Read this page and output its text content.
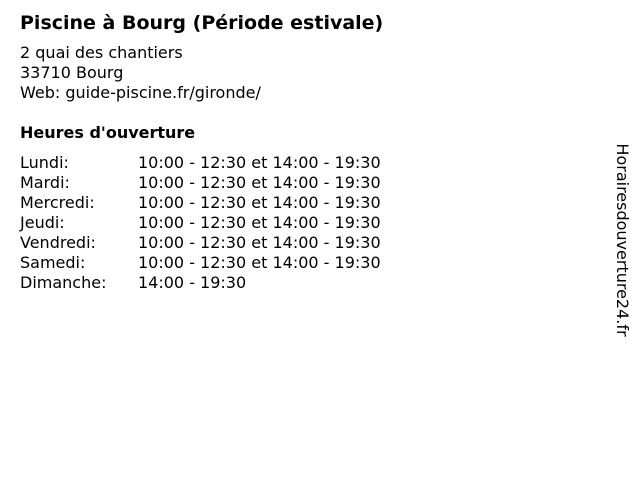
Piscine à Bourg (Période estivale)
2 quai des chantiers
33710 Bourg
Web: guide-piscine.fr/gironde/
Heures d'ouverture
Lundi:	10:00 - 12:30 et 14:00 - 19:30
Mardi:	10:00 - 12:30 et 14:00 - 19:30
Mercredi:	10:00 - 12:30 et 14:00 - 19:30
Jeudi:	10:00 - 12:30 et 14:00 - 19:30
Vendredi:	10:00 - 12:30 et 14:00 - 19:30
Samedi:	10:00 - 12:30 et 14:00 - 19:30
Dimanche:	14:00 - 19:30	Horairesdouverture24.fr
